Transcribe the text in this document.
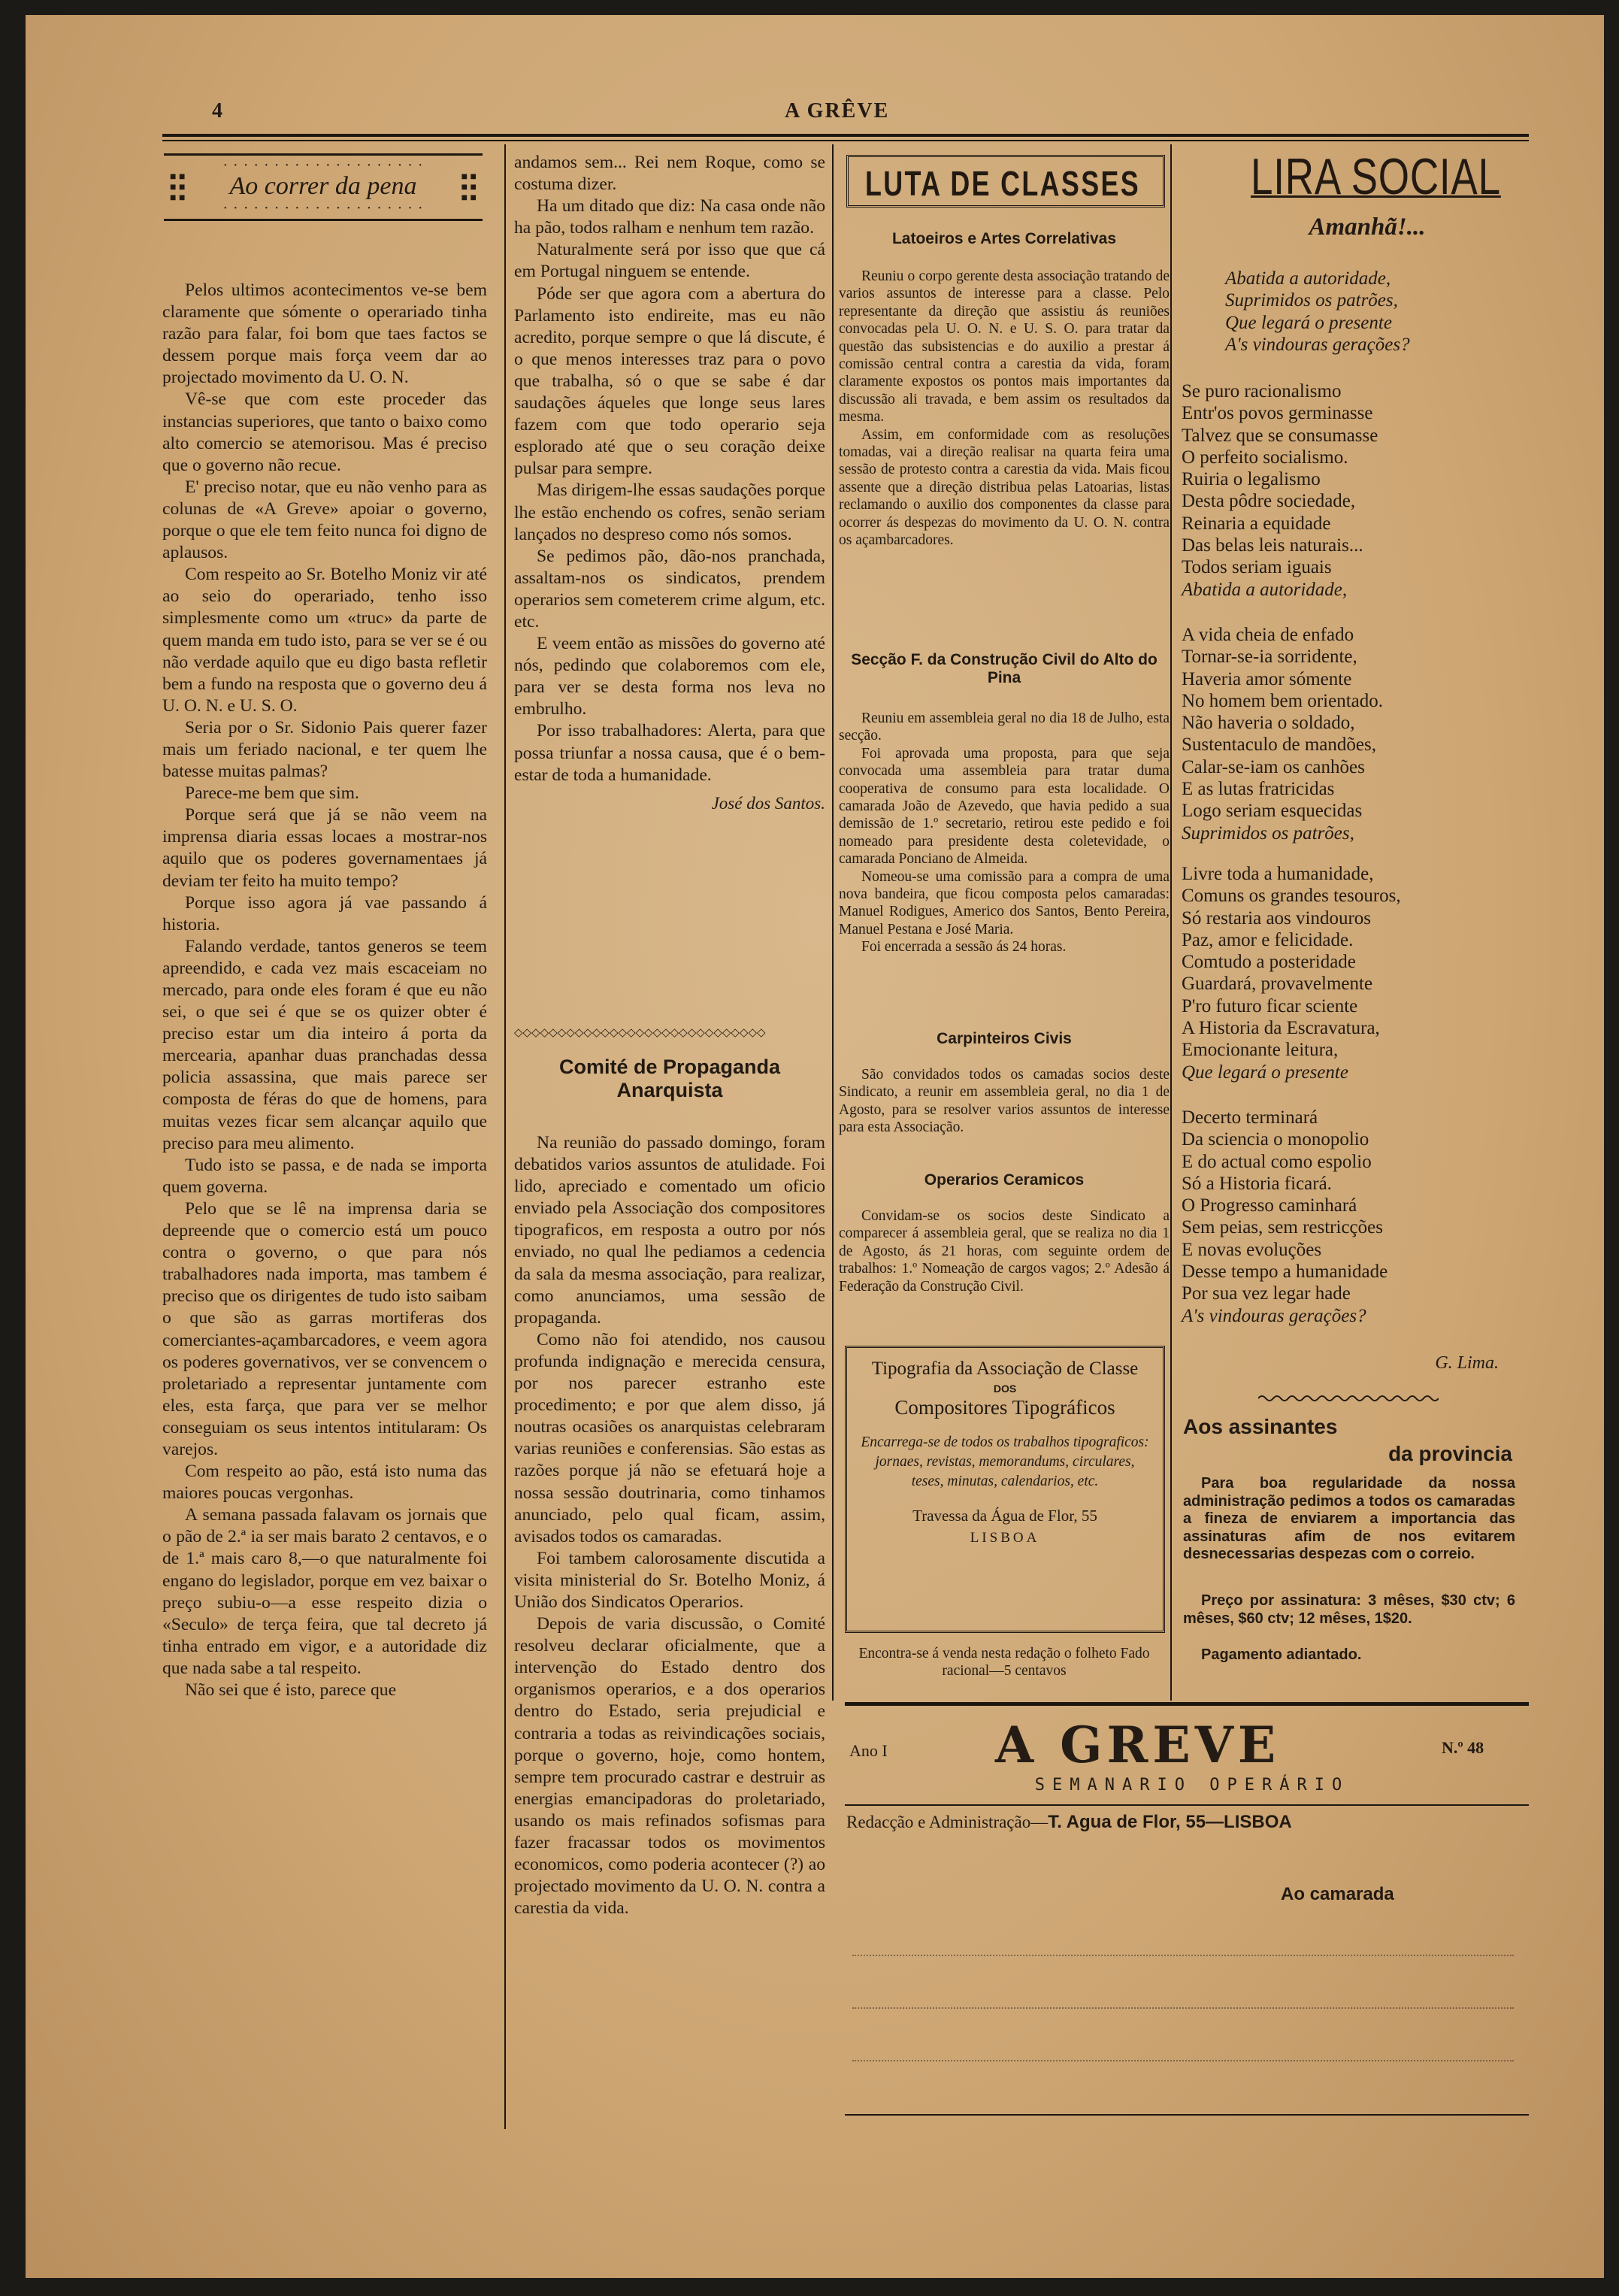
4	A GRÊVE
· · · · · · · · · · · · · · · · · · · ·
■ ■
■ ■
■ ■
■ ■
■ ■
■ ■
Ao correr da pena
· · · · · · · · · · · · · · · · · · · ·

Pelos ultimos acontecimentos ve-se bem claramente que sómente o operariado tinha razão para falar, foi bom que taes factos se dessem porque mais força veem dar ao projectado movimento da U. O. N.

Vê-se que com este proceder das instancias superiores, que tanto o baixo como alto comercio se atemorisou. Mas é preciso que o governo não recue.

E' preciso notar, que eu não venho para as colunas de «A Greve» apoiar o governo, porque o que ele tem feito nunca foi digno de aplausos.

Com respeito ao Sr. Botelho Moniz vir até ao seio do operariado, tenho isso simplesmente como um «truc» da parte de quem manda em tudo isto, para se ver se é ou não verdade aquilo que eu digo basta refletir bem a fundo na resposta que o governo deu á U. O. N. e U. S. O.

Seria por o Sr. Sidonio Pais querer fazer mais um feriado nacional, e ter quem lhe batesse muitas palmas?

Parece-me bem que sim.

Porque será que já se não veem na imprensa diaria essas locaes a mostrar-nos aquilo que os poderes governamentaes já deviam ter feito ha muito tempo?

Porque isso agora já vae passando á historia.

Falando verdade, tantos generos se teem apreendido, e cada vez mais escaceiam no mercado, para onde eles foram é que eu não sei, o que sei é que se os quizer obter é preciso estar um dia inteiro á porta da mercearia, apanhar duas pranchadas dessa policia assassina, que mais parece ser composta de féras do que de homens, para muitas vezes ficar sem alcançar aquilo que preciso para meu alimento.

Tudo isto se passa, e de nada se importa quem governa.

Pelo que se lê na imprensa daria se depreende que o comercio está um pouco contra o governo, o que para nós trabalhadores nada importa, mas tambem é preciso que os dirigentes de tudo isto saibam o que são as garras mortiferas dos comerciantes-açambarcadores, e veem agora os poderes governativos, ver se convencem o proletariado a representar juntamente com eles, esta farça, que para ver se melhor conseguiam os seus intentos intitularam: Os varejos.

Com respeito ao pão, está isto numa das maiores poucas vergonhas.

A semana passada falavam os jornais que o pão de 2.ª ia ser mais barato 2 centavos, e o de 1.ª mais caro 8,—o que naturalmente foi engano do legislador, porque em vez baixar o preço subiu-o—a esse respeito dizia o «Seculo» de terça feira, que tal decreto já tinha entrado em vigor, e a autoridade diz que nada sabe a tal respeito.

Não sei que é isto, parece que

andamos sem... Rei nem Roque, como se costuma dizer.

Ha um ditado que diz: Na casa onde não ha pão, todos ralham e nenhum tem razão.

Naturalmente será por isso que que cá em Portugal ninguem se entende.

Póde ser que agora com a abertura do Parlamento isto endireite, mas eu não acredito, porque sempre o que lá discute, é o que menos interesses traz para o povo que trabalha, só o que se sabe é dar saudações áqueles que longe seus lares fazem com que todo operario seja esplorado até que o seu coração deixe pulsar para sempre.

Mas dirigem-lhe essas saudações porque lhe estão enchendo os cofres, senão seriam lançados no despreso como nós somos.

Se pedimos pão, dão-nos pranchada, assaltam-nos os sindicatos, prendem operarios sem cometerem crime algum, etc. etc.

E veem então as missões do governo até nós, pedindo que colaboremos com ele, para ver se desta forma nos leva no embrulho.

Por isso trabalhadores: Alerta, para que possa triunfar a nossa causa, que é o bem-estar de toda a humanidade.

José dos Santos.

◇◇◇◇◇◇◇◇◇◇◇◇◇◇◇◇◇◇◇◇◇◇◇◇◇◇◇◇◇
Comité de Propaganda Anarquista

Na reunião do passado domingo, foram debatidos varios assuntos de atulidade. Foi lido, apreciado e comentado um oficio enviado pela Associação dos compositores tipograficos, em resposta a outro por nós enviado, no qual lhe pediamos a cedencia da sala da mesma associação, para realizar, como anunciamos, uma sessão de propaganda.

Como não foi atendido, nos causou profunda indignação e merecida censura, por nos parecer estranho este procedimento; e por que alem disso, já noutras ocasiões os anarquistas celebraram varias reuniões e conferensias. São estas as razões porque já não se efetuará hoje a nossa sessão doutrinaria, como tinhamos anunciado, pelo qual ficam, assim, avisados todos os camaradas.

Foi tambem calorosamente discutida a visita ministerial do Sr. Botelho Moniz, á União dos Sindicatos Operarios.

Depois de varia discussão, o Comité resolveu declarar oficialmente, que a intervenção do Estado dentro dos organismos operarios, e a dos operarios dentro do Estado, seria prejudicial e contraria a todas as reivindicações sociais, porque o governo, hoje, como hontem, sempre tem procurado castrar e destruir as energias emancipadoras do proletariado, usando os mais refinados sofismas para fazer fracassar todos os movimentos economicos, como poderia acontecer (?) ao projectado movimento da U. O. N. contra a carestia da vida.

LUTA DE CLASSES
Latoeiros e Artes Correlativas

Reuniu o corpo gerente desta associação tratando de varios assuntos de interesse para a classe. Pelo representante da direção que assistiu ás reuniões convocadas pela U. O. N. e U. S. O. para tratar da questão das subsistencias e do auxilio a prestar á comissão central contra a carestia da vida, foram claramente expostos os pontos mais importantes da discussão ali travada, e bem assim os resultados da mesma.

Assim, em conformidade com as resoluções tomadas, vai a direção realisar na quarta feira uma sessão de protesto contra a carestia da vida. Mais ficou assente que a direção distribua pelas Latoarias, listas reclamando o auxilio dos componentes da classe para ocorrer ás despezas do movimento da U. O. N. contra os açambarcadores.

Secção F. da Construção Civil do Alto do Pina

Reuniu em assembleia geral no dia 18 de Julho, esta secção.

Foi aprovada uma proposta, para que seja convocada uma assembleia para tratar duma cooperativa de consumo para esta localidade. O camarada João de Azevedo, que havia pedido a sua demissão de 1.º secretario, retirou este pedido e foi nomeado para presidente desta coletevidade, o camarada Ponciano de Almeida.

Nomeou-se uma comissão para a compra de uma nova bandeira, que ficou composta pelos camaradas: Manuel Rodigues, Americo dos Santos, Bento Pereira, Manuel Pestana e José Maria.

Foi encerrada a sessão ás 24 horas.

Carpinteiros Civis

São convidados todos os camadas socios deste Sindicato, a reunir em assembleia geral, no dia 1 de Agosto, para se resolver varios assuntos de interesse para esta Associação.

Operarios Ceramicos

Convidam-se os socios deste Sindicato a comparecer á assembleia geral, que se realiza no dia 1 de Agosto, ás 21 horas, com seguinte ordem de trabalhos: 1.º Nomeação de cargos vagos; 2.º Adesão á Federação da Construção Civil.

Tipografia da Associação de Classe
DOS
Compositores Tipográficos
Encarrega-se de todos os trabalhos tipograficos: jornaes, revistas, memorandums, circulares, teses, minutas, calendarios, etc.
Travessa da Água de Flor, 55
LISBOA
Encontra-se á venda nesta redação o folheto Fado racional—5 centavos
LIRA SOCIAL
Amanhã!...
Abatida a autoridade,
Suprimidos os patrões,
Que legará o presente
A's vindouras gerações?
Se puro racionalismo
Entr'os povos germinasse
Talvez que se consumasse
O perfeito socialismo.
Ruiria o legalismo
Desta pôdre sociedade,
Reinaria a equidade
Das belas leis naturais...
Todos seriam iguais
Abatida a autoridade,
A vida cheia de enfado
Tornar-se-ia sorridente,
Haveria amor sómente
No homem bem orientado.
Não haveria o soldado,
Sustentaculo de mandões,
Calar-se-iam os canhões
E as lutas fratricidas
Logo seriam esquecidas
Suprimidos os patrões,
Livre toda a humanidade,
Comuns os grandes tesouros,
Só restaria aos vindouros
Paz, amor e felicidade.
Comtudo a posteridade
Guardará, provavelmente
P'ro futuro ficar sciente
A Historia da Escravatura,
Emocionante leitura,
Que legará o presente
Decerto terminará
Da sciencia o monopolio
E do actual como espolio
Só a Historia ficará.
O Progresso caminhará
Sem peias, sem restricções
E novas evoluções
Desse tempo a humanidade
Por sua vez legar hade
A's vindouras gerações?
G. Lima.
Aos assinantes
da provincia
Para boa regularidade da nossa administração pedimos a todos os camaradas a fineza de enviarem a importancia das assinaturas afim de nos evitarem desnecessarias despezas com o correio.
Preço por assinatura: 3 mêses, $30 ctv; 6 mêses, $60 ctv; 12 mêses, 1$20.
Pagamento adiantado.
Ano I A GREVE	N.º 48
SEMANARIO OPERÁRIO
Redacção e Administração—T. Agua de Flor, 55—LISBOA
Ao camarada
